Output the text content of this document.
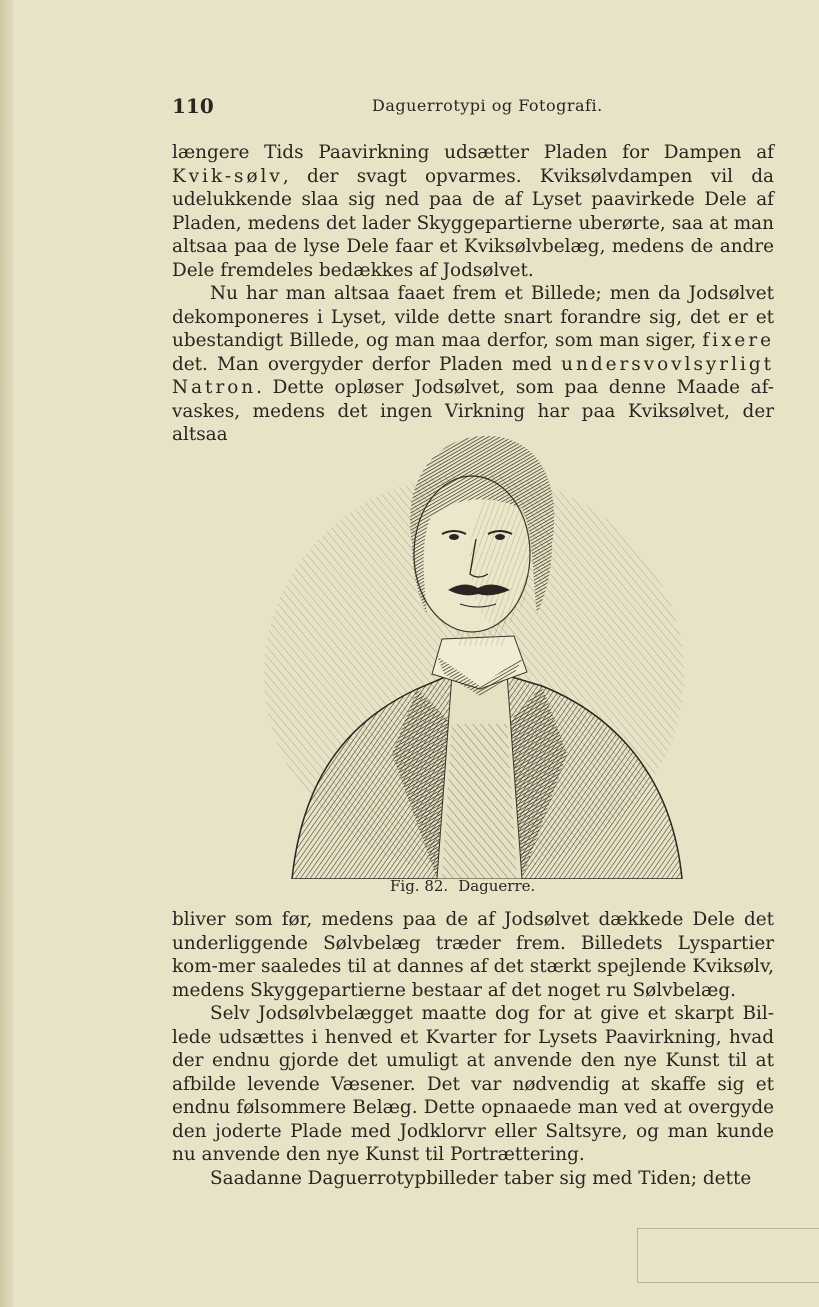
110	Daguerrotypi og Fotografi.

længere Tids Paavirkning udsætter Pladen for Dampen af Kvik-sølv, der svagt opvarmes. Kviksølvdampen vil da udelukkende slaa sig ned paa de af Lyset paavirkede Dele af Pladen, medens det lader Skyggepartierne uberørte, saa at man altsaa paa de lyse Dele faar et Kviksølvbelæg, medens de andre Dele fremdeles bedækkes af Jodsølvet.

Nu har man altsaa faaet frem et Billede; men da Jodsølvet dekomponeres i Lyset, vilde dette snart forandre sig, det er et ubestandigt Billede, og man maa derfor, som man siger, fixere det. Man overgyder derfor Pladen med undersvovlsyrligt Natron. Dette opløser Jodsølvet, som paa denne Maade af-vaskes, medens det ingen Virkning har paa Kviksølvet, der altsaa

Fig. 82. Daguerre.

bliver som før, medens paa de af Jodsølvet dækkede Dele det underliggende Sølvbelæg træder frem. Billedets Lyspartier kom-mer saaledes til at dannes af det stærkt spejlende Kviksølv, medens Skyggepartierne bestaar af det noget ru Sølvbelæg.

Selv Jodsølvbelægget maatte dog for at give et skarpt Bil-lede udsættes i henved et Kvarter for Lysets Paavirkning, hvad der endnu gjorde det umuligt at anvende den nye Kunst til at afbilde levende Væsener. Det var nødvendig at skaffe sig et endnu følsommere Belæg. Dette opnaaede man ved at overgyde den joderte Plade med Jodklorvr eller Saltsyre, og man kunde nu anvende den nye Kunst til Portrættering.

Saadanne Daguerrotypbilleder taber sig med Tiden; dette
